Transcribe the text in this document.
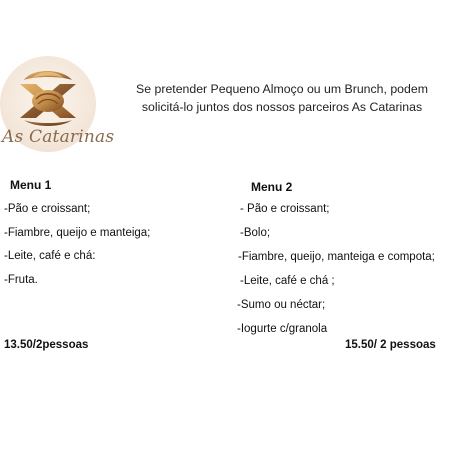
As Catarinas
Se pretender Pequeno Almoço ou um Brunch, podem
solicitá-lo juntos dos nossos parceiros As Catarinas
Menu 1
-Pão e croissant;
-Fiambre, queijo e manteiga;
-Leite, café e chá:
-Fruta.
13.50/2pessoas
Menu 2
- Pão e croissant;
-Bolo;
-Fiambre, queijo, manteiga e compota;
-Leite, café e chá ;
-Sumo ou néctar;
-Iogurte c/granola
15.50/ 2 pessoas
